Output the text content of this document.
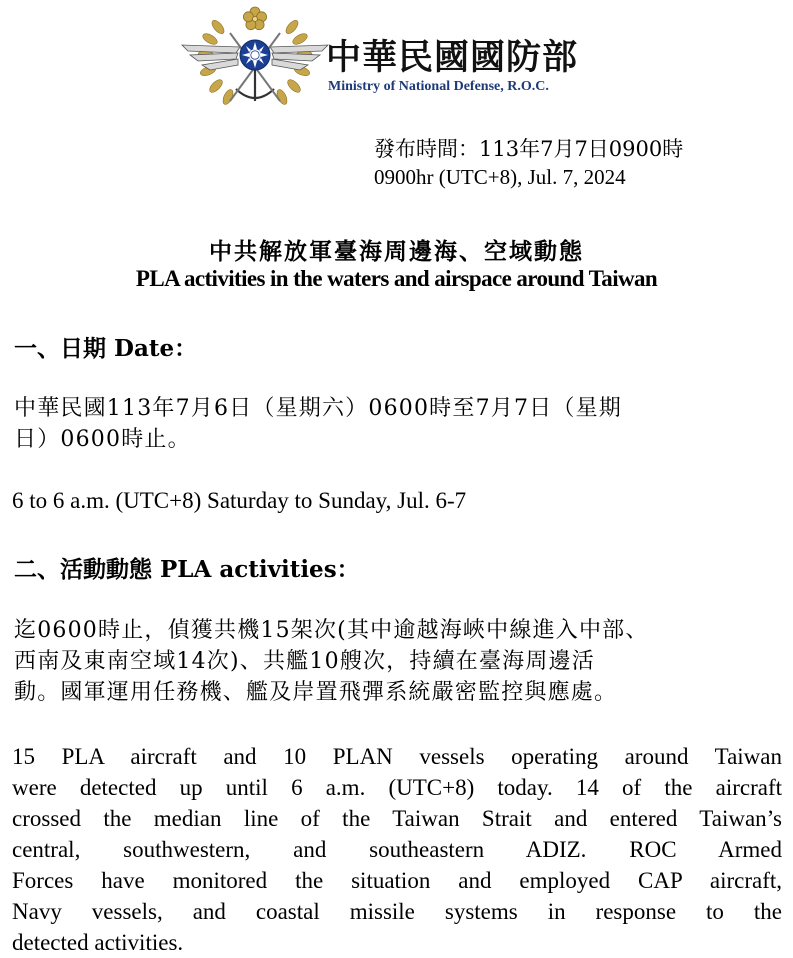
中華民國國防部
Ministry of National Defense, R.O.C.
發布時間：113年7月7日0900時
0900hr (UTC+8), Jul. 7, 2024
中共解放軍臺海周邊海、空域動態
PLA activities in the waters and airspace around Taiwan
一、日期 Date：
中華民國113年7月6日（星期六）0600時至7月7日（星期
日）0600時止。
6 to 6 a.m. (UTC+8) Saturday to Sunday, Jul. 6-7
二、活動動態 PLA activities：
迄0600時止，偵獲共機15架次(其中逾越海峽中線進入中部、
西南及東南空域14次)、共艦10艘次，持續在臺海周邊活
動。國軍運用任務機、艦及岸置飛彈系統嚴密監控與應處。
15 PLA aircraft and 10 PLAN vessels operating around Taiwan
were detected up until 6 a.m. (UTC+8) today. 14 of the aircraft
crossed the median line of the Taiwan Strait and entered Taiwan’s
central, southwestern, and southeastern ADIZ. ROC Armed
Forces have monitored the situation and employed CAP aircraft,
Navy vessels, and coastal missile systems in response to the
detected activities.
